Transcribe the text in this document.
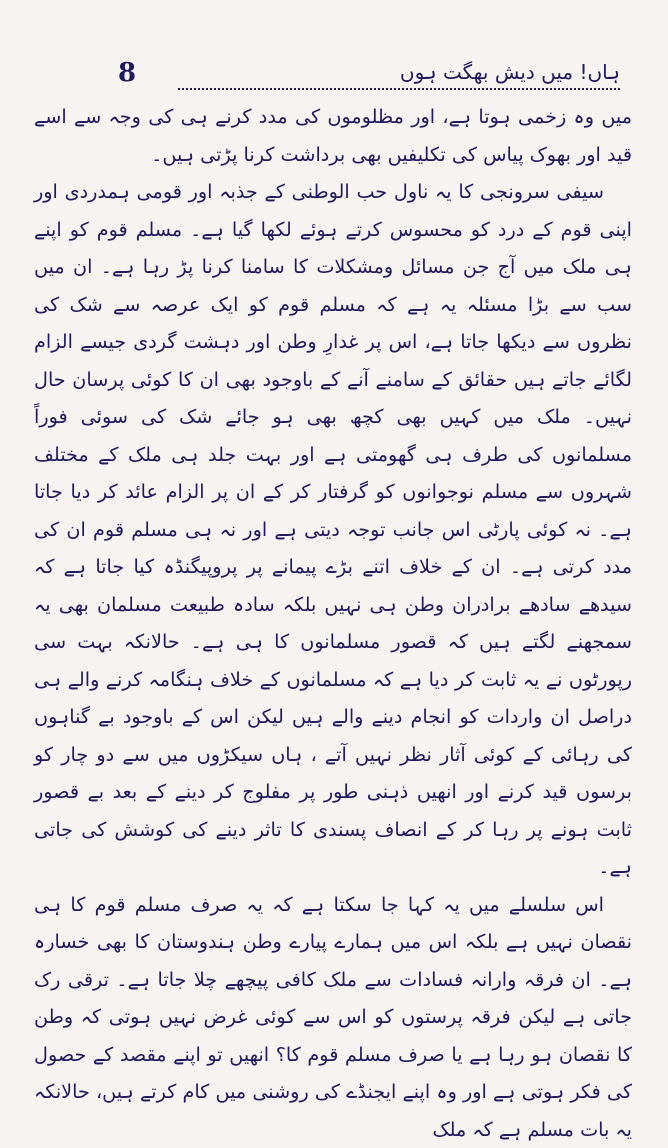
8	ہاں! میں دیش بھگت ہوں

میں وہ زخمی ہوتا ہے، اور مظلوموں کی مدد کرنے ہی کی وجہ سے اسے قید اور بھوک پیاس کی تکلیفیں بھی برداشت کرنا پڑتی ہیں۔

سیفی سرونجی کا یہ ناول حب الوطنی کے جذبہ اور قومی ہمدردی اور اپنی قوم کے درد کو محسوس کرتے ہوئے لکھا گیا ہے۔ مسلم قوم کو اپنے ہی ملک میں آج جن مسائل ومشکلات کا سامنا کرنا پڑ رہا ہے۔ ان میں سب سے بڑا مسئلہ یہ ہے کہ مسلم قوم کو ایک عرصہ سے شک کی نظروں سے دیکھا جاتا ہے، اس پر غدارِ وطن اور دہشت گردی جیسے الزام لگائے جاتے ہیں حقائق کے سامنے آنے کے باوجود بھی ان کا کوئی پرسان حال نہیں۔ ملک میں کہیں بھی کچھ بھی ہو جائے شک کی سوئی فوراً مسلمانوں کی طرف ہی گھومتی ہے اور بہت جلد ہی ملک کے مختلف شہروں سے مسلم نوجوانوں کو گرفتار کر کے ان پر الزام عائد کر دیا جاتا ہے۔ نہ کوئی پارٹی اس جانب توجہ دیتی ہے اور نہ ہی مسلم قوم ان کی مدد کرتی ہے۔ ان کے خلاف اتنے بڑے پیمانے پر پروپیگنڈہ کیا جاتا ہے کہ سیدھے سادھے برادران وطن ہی نہیں بلکہ سادہ طبیعت مسلمان بھی یہ سمجھنے لگتے ہیں کہ قصور مسلمانوں کا ہی ہے۔ حالانکہ بہت سی رپورٹوں نے یہ ثابت کر دیا ہے کہ مسلمانوں کے خلاف ہنگامہ کرنے والے ہی دراصل ان واردات کو انجام دینے والے ہیں لیکن اس کے باوجود بے گناہوں کی رہائی کے کوئی آثار نظر نہیں آتے ، ہاں سیکڑوں میں سے دو چار کو برسوں قید کرنے اور انھیں ذہنی طور پر مفلوج کر دینے کے بعد بے قصور ثابت ہونے پر رہا کر کے انصاف پسندی کا تاثر دینے کی کوشش کی جاتی ہے۔

اس سلسلے میں یہ کہا جا سکتا ہے کہ یہ صرف مسلم قوم کا ہی نقصان نہیں ہے بلکہ اس میں ہمارے پیارے وطن ہندوستان کا بھی خسارہ ہے۔ ان فرقہ وارانہ فسادات سے ملک کافی پیچھے چلا جاتا ہے۔ ترقی رک جاتی ہے لیکن فرقہ پرستوں کو اس سے کوئی غرض نہیں ہوتی کہ وطن کا نقصان ہو رہا ہے یا صرف مسلم قوم کا؟ انھیں تو اپنے مقصد کے حصول کی فکر ہوتی ہے اور وہ اپنے ایجنڈے کی روشنی میں کام کرتے ہیں، حالانکہ یہ بات مسلم ہے کہ ملک
